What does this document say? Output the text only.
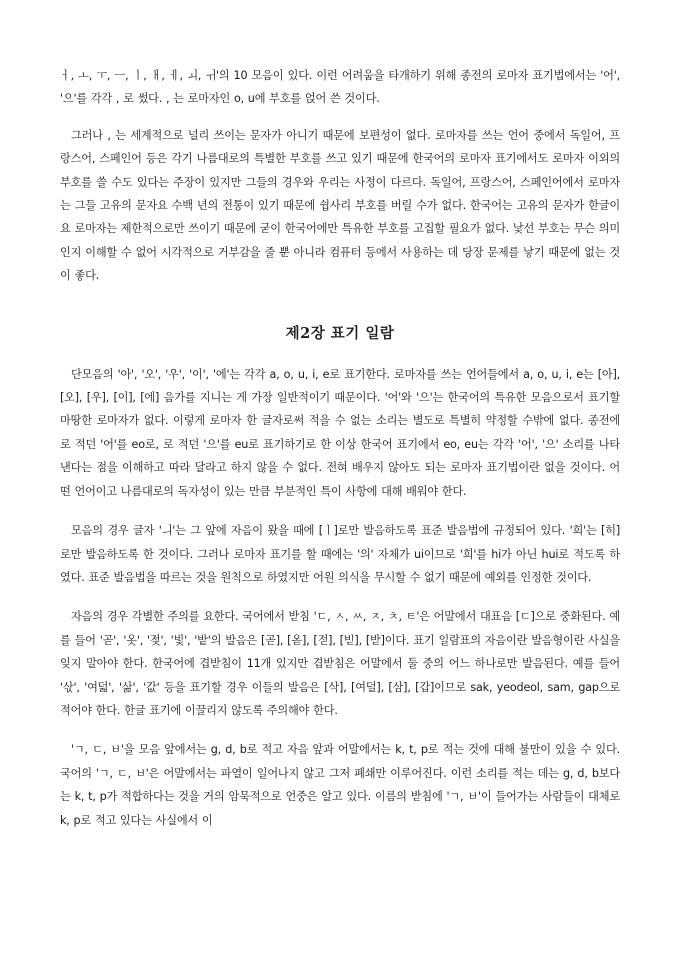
ㅓ, ㅗ, ㅜ, ㅡ, ㅣ, ㅐ, ㅔ, ㅚ, ㅟ'의 10 모음이 있다. 이런 어려움을 타개하기 위해 종전의 로마자 표기법에서는 '어', '으'를 각각 , 로 썼다. , 는 로마자인 o, u에 부호를 얹어 쓴 것이다.

그러나 , 는 세계적으로 널리 쓰이는 문자가 아니기 때문에 보편성이 없다. 로마자를 쓰는 언어 중에서 독일어, 프랑스어, 스페인어 등은 각기 나름대로의 특별한 부호를 쓰고 있기 때문에 한국어의 로마자 표기에서도 로마자 이외의 부호를 쓸 수도 있다는 주장이 있지만 그들의 경우와 우리는 사정이 다르다. 독일어, 프랑스어, 스페인어에서 로마자는 그들 고유의 문자요 수백 년의 전통이 있기 때문에 쉽사리 부호를 버릴 수가 없다. 한국어는 고유의 문자가 한글이요 로마자는 제한적으로만 쓰이기 때문에 굳이 한국어에만 특유한 부호를 고집할 필요가 없다. 낯선 부호는 무슨 의미인지 이해할 수 없어 시각적으로 거부감을 줄 뿐 아니라 컴퓨터 등에서 사용하는 데 당장 문제를 낳기 때문에 없는 것이 좋다.

제2장 표기 일람

단모음의 '아', '오', '우', '이', '에'는 각각 a, o, u, i, e로 표기한다. 로마자를 쓰는 언어들에서 a, o, u, i, e는 [아], [오], [우], [이], [에] 음가를 지니는 게 가장 일반적이기 때문이다. '어'와 '으'는 한국어의 특유한 모음으로서 표기할 마땅한 로마자가 없다. 이렇게 로마자 한 글자로써 적을 수 없는 소리는 별도로 특별히 약정할 수밖에 없다. 종전에 로 적던 '어'를 eo로, 로 적던 '으'를 eu로 표기하기로 한 이상 한국어 표기에서 eo, eu는 각각 '어', '으' 소리를 나타낸다는 점을 이해하고 따라 달라고 하지 않을 수 없다. 전혀 배우지 않아도 되는 로마자 표기법이란 없을 것이다. 어떤 언어이고 나름대로의 독자성이 있는 만큼 부분적인 특이 사항에 대해 배워야 한다.

모음의 경우 글자 'ㅢ'는 그 앞에 자음이 왔을 때에 [ㅣ]로만 발음하도록 표준 발음법에 규정되어 있다. '희'는 [히]로만 발음하도록 한 것이다. 그러나 로마자 표기를 할 때에는 '의' 자체가 ui이므로 '희'를 hi가 아닌 hui로 적도록 하였다. 표준 발음법을 따르는 것을 원칙으로 하였지만 어원 의식을 무시할 수 없기 때문에 예외를 인정한 것이다.

자음의 경우 각별한 주의를 요한다. 국어에서 받침 'ㄷ, ㅅ, ㅆ, ㅈ, ㅊ, ㅌ'은 어말에서 대표음 [ㄷ]으로 중화된다. 예를 들어 '곧', '옷', '젖', '빛', '밭'의 발음은 [곧], [옫], [젇], [빋], [받]이다. 표기 일람표의 자음이란 발음형이란 사실을 잊지 말아야 한다. 한국어에 겹받침이 11개 있지만 겹받침은 어말에서 둘 중의 어느 하나로만 발음된다. 예를 들어 '삯', '여덟', '삶', '값' 등을 표기할 경우 이들의 발음은 [삭], [여덜], [삼], [갑]이므로 sak, yeodeol, sam, gap으로 적어야 한다. 한글 표기에 이끌리지 않도록 주의해야 한다.

'ㄱ, ㄷ, ㅂ'을 모음 앞에서는 g, d, b로 적고 자음 앞과 어말에서는 k, t, p로 적는 것에 대해 불만이 있을 수 있다. 국어의 'ㄱ, ㄷ, ㅂ'은 어말에서는 파열이 일어나지 않고 그저 폐쇄만 이루어진다. 이런 소리를 적는 데는 g, d, b보다는 k, t, p가 적합하다는 것을 거의 암묵적으로 언중은 알고 있다. 이름의 받침에 'ㄱ, ㅂ'이 들어가는 사람들이 대체로 k, p로 적고 있다는 사실에서 이
